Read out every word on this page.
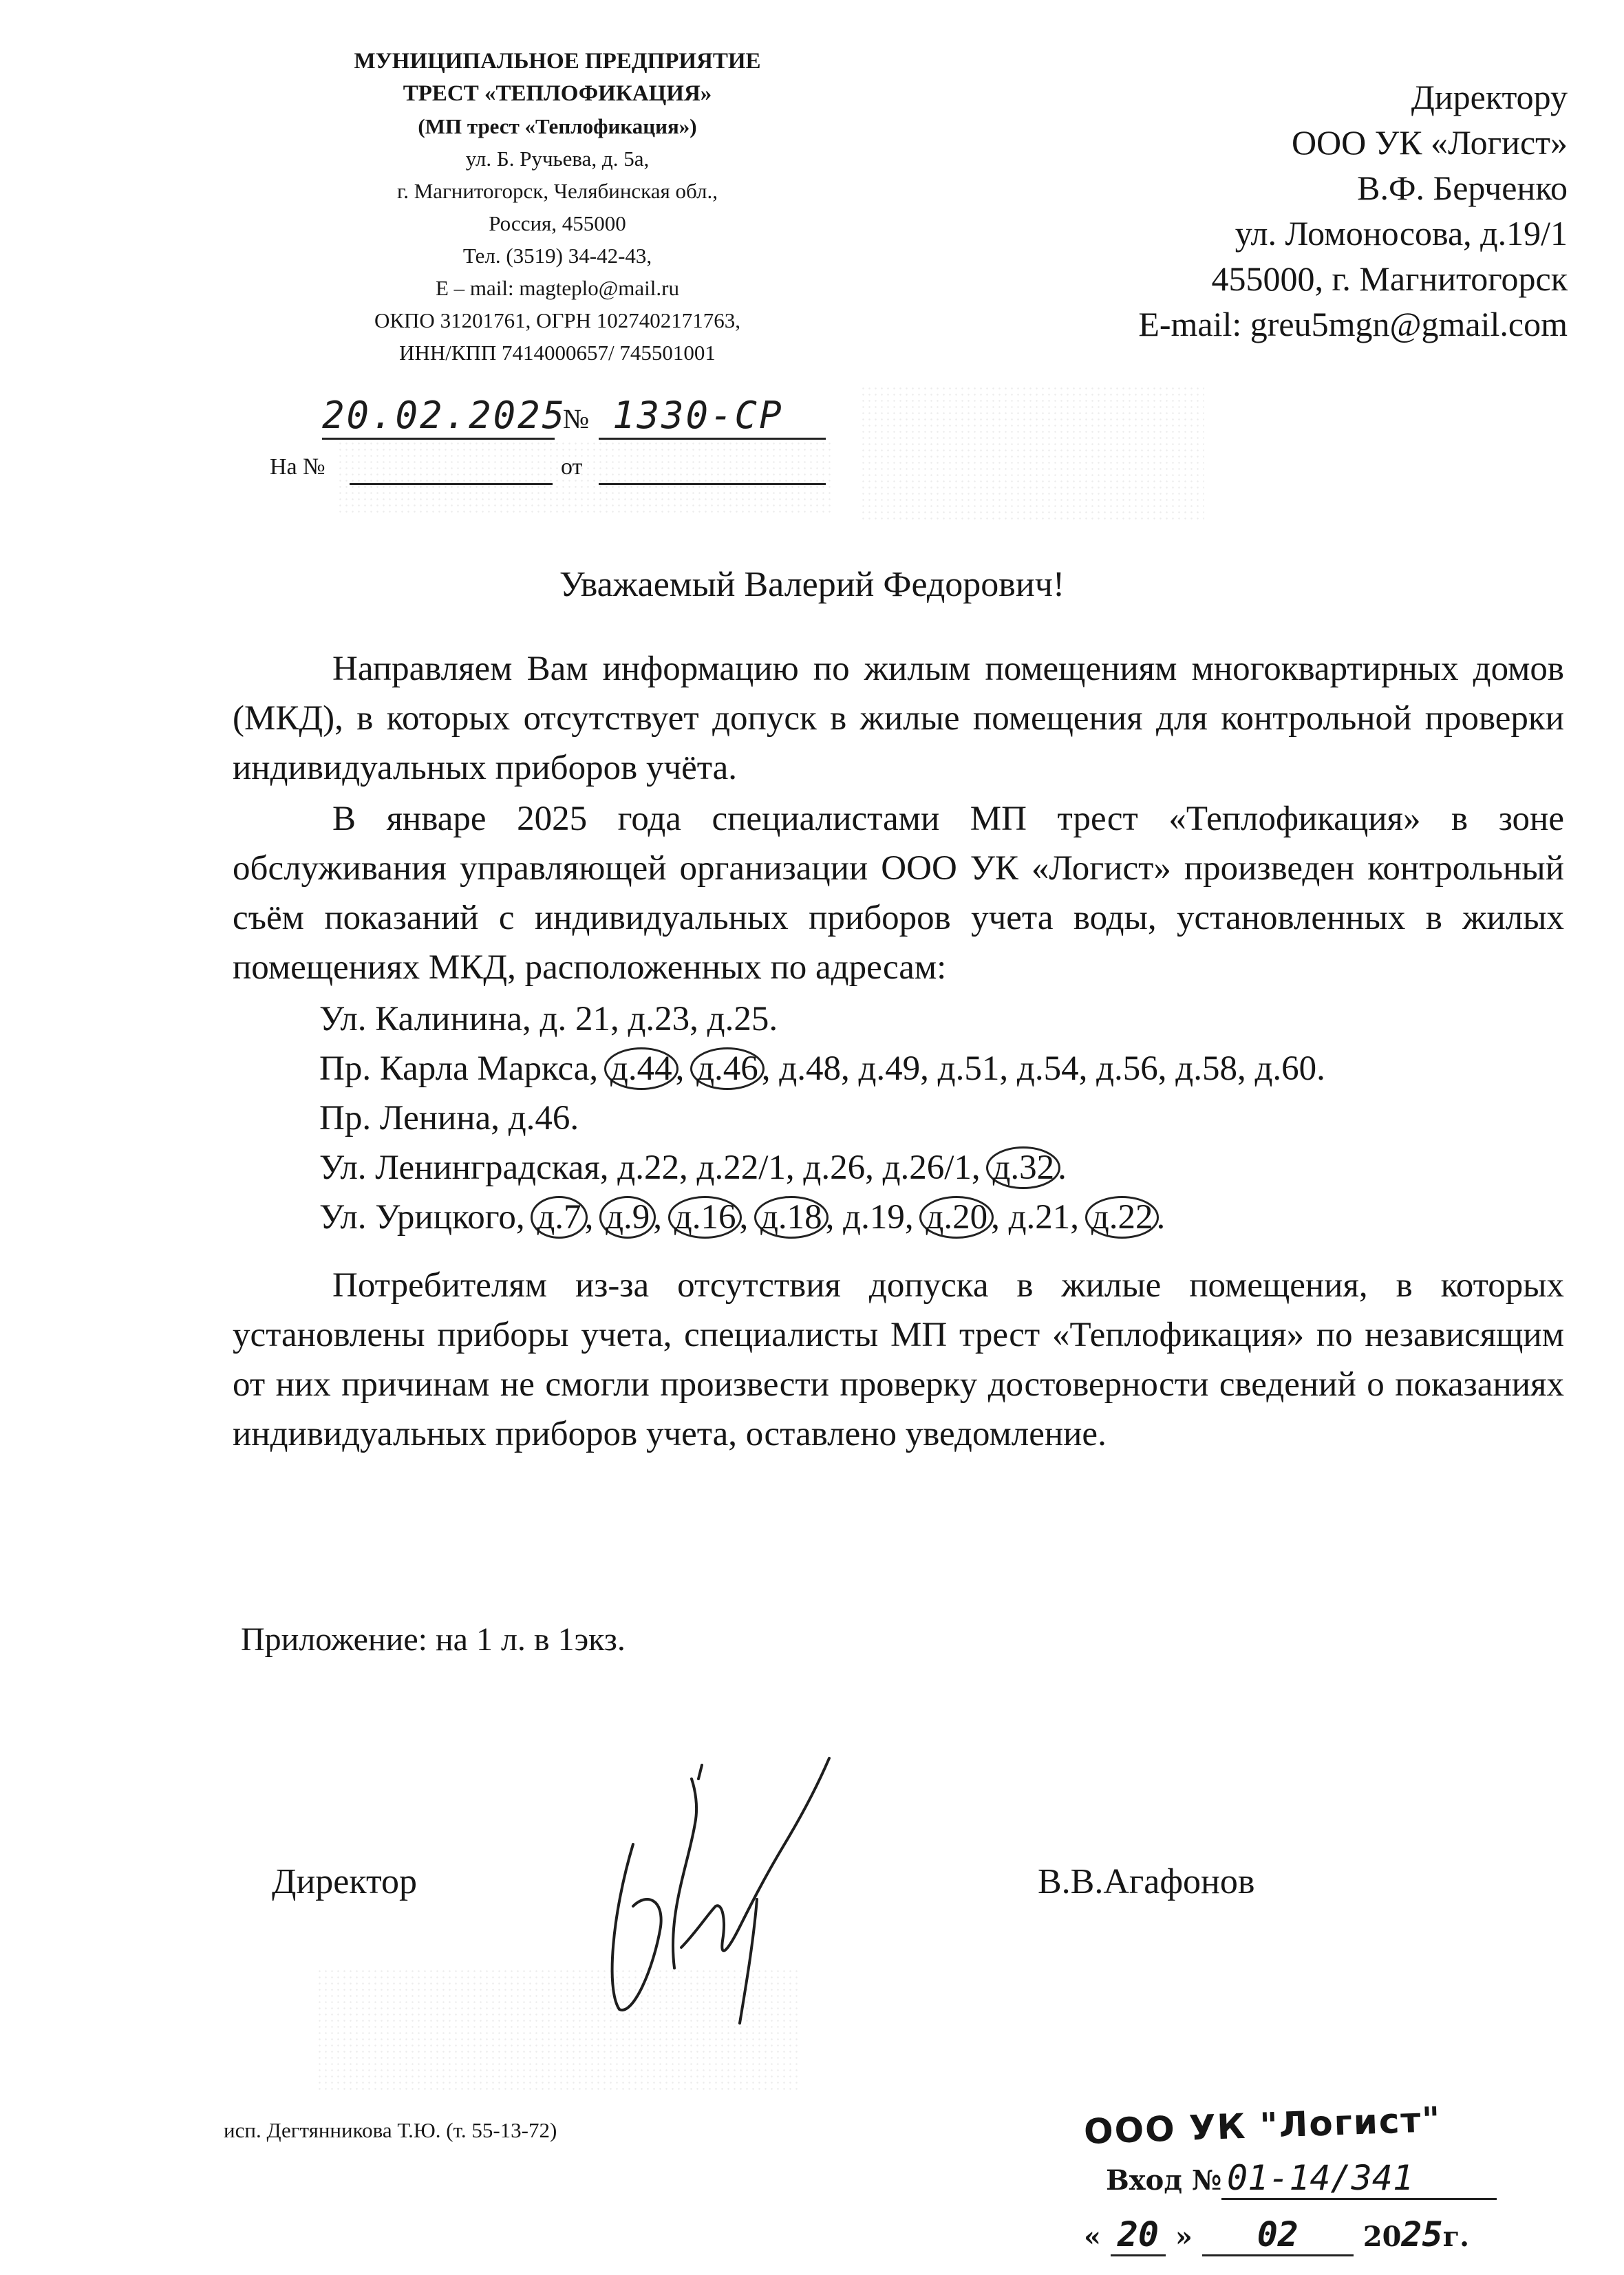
МУНИЦИПАЛЬНОЕ ПРЕДПРИЯТИЕ
ТРЕСТ «ТЕПЛОФИКАЦИЯ»
(МП трест «Теплофикация»)
ул. Б. Ручьева, д. 5а,
г. Магнитогорск, Челябинская обл.,
Россия, 455000
Тел. (3519) 34-42-43,
E – mail: magteplo@mail.ru
ОКПО 31201761, ОГРН 1027402171763,
ИНН/КПП 7414000657/ 745501001
Директору
ООО УК «Логист»
В.Ф. Берченко
ул. Ломоносова, д.19/1
455000, г. Магнитогорск
E-mail: greu5mgn@gmail.com
20.02.2025
№ 1330-СР
На №	от
Уважаемый Валерий Федорович!

Направляем Вам информацию по жилым помещениям многоквартирных домов (МКД), в которых отсутствует допуск в жилые помещения для контрольной проверки индивидуальных приборов учёта.

В январе 2025 года специалистами МП трест «Теплофикация» в зоне обслуживания управляющей организации ООО УК «Логист» произведен контрольный съём показаний с индивидуальных приборов учета воды, установленных в жилых помещениях МКД, расположенных по адресам:

Ул. Калинина, д. 21, д.23, д.25.
Пр. Карла Маркса, д.44, д.46, д.48, д.49, д.51, д.54, д.56, д.58, д.60.
Пр. Ленина, д.46.
Ул. Ленинградская, д.22, д.22/1, д.26, д.26/1, д.32.
Ул. Урицкого, д.7, д.9, д.16, д.18, д.19, д.20, д.21, д.22.

Потребителям из-за отсутствия допуска в жилые помещения, в которых установлены приборы учета, специалисты МП трест «Теплофикация» по независящим от них причинам не смогли произвести проверку достоверности сведений о показаниях индивидуальных приборов учета, оставлено уведомление.

Приложение: на 1 л. в 1экз.
Директор	В.В.Агафонов
исп. Дегтянникова Т.Ю. (т. 55-13-72)	ООО УК "Логист"
Вход № 01-14/341
« 20 » 02 2025г.
